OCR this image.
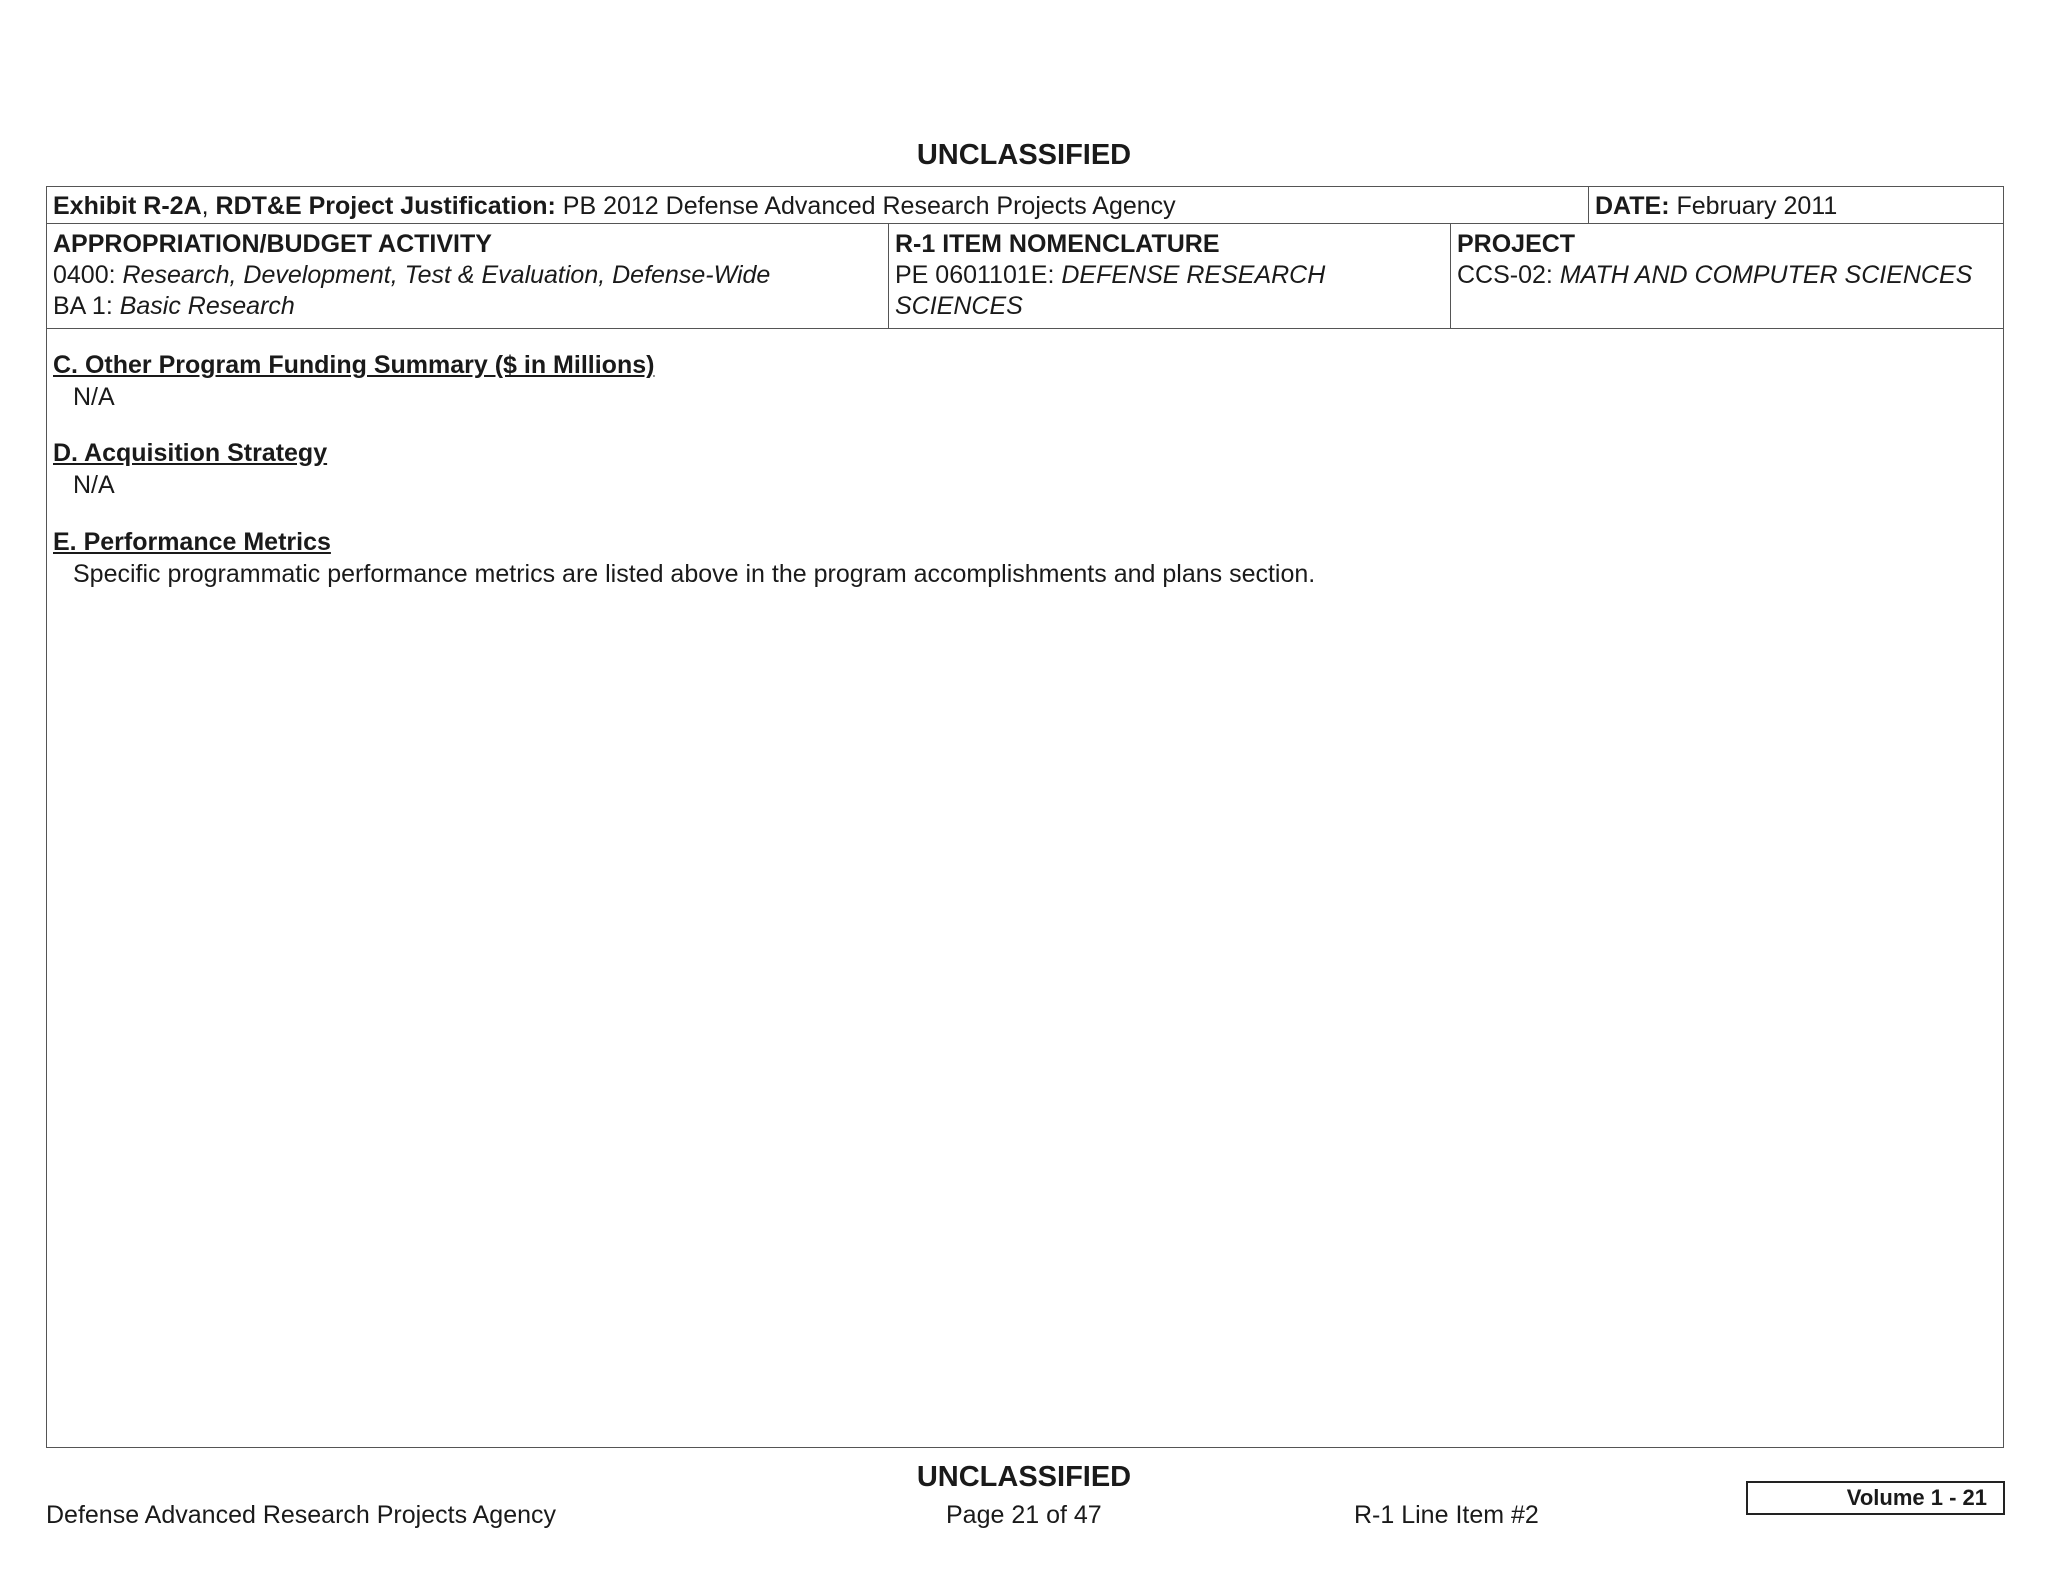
UNCLASSIFIED
Exhibit R-2A, RDT&E Project Justification: PB 2012 Defense Advanced Research Projects Agency	DATE: February 2011
APPROPRIATION/BUDGET ACTIVITY
0400: Research, Development, Test & Evaluation, Defense-Wide
BA 1: Basic Research
R-1 ITEM NOMENCLATURE
PE 0601101E: DEFENSE RESEARCH SCIENCES
PROJECT
CCS-02: MATH AND COMPUTER SCIENCES
C. Other Program Funding Summary ($ in Millions)
N/A
D. Acquisition Strategy
N/A
E. Performance Metrics
Specific programmatic performance metrics are listed above in the program accomplishments and plans section.
UNCLASSIFIED
Defense Advanced Research Projects Agency	Page 21 of 47	R-1 Line Item #2
Volume 1 - 21
